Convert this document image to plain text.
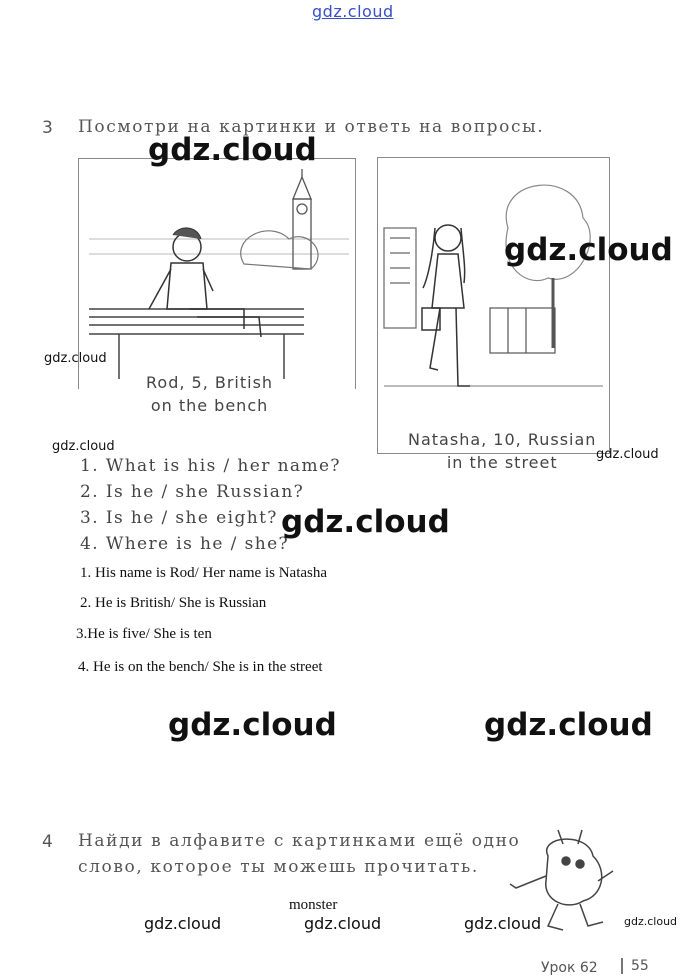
gdz.cloud
3 Посмотри на картинки и ответь на вопросы.
Rod, 5, British
on the bench
Natasha, 10, Russian
in the street
1. What is his / her name?
2. Is he / she Russian?
3. Is he / she eight?
4. Where is he / she?
1. His name is Rod/ Her name is Natasha
2. He is British/ She is Russian
3.He is five/ She is ten
4. He is on the bench/ She is in the street
4 Найди в алфавите с картинками ещё одно
слово, которое ты можешь прочитать.
monster
Урок 62	55
gdz.cloud
gdz.cloud
gdz.cloud
gdz.cloud
gdz.cloud
gdz.cloud
gdz.cloud	gdz.cloud
gdz.cloud	gdz.cloud	gdz.cloud	gdz.cloud
